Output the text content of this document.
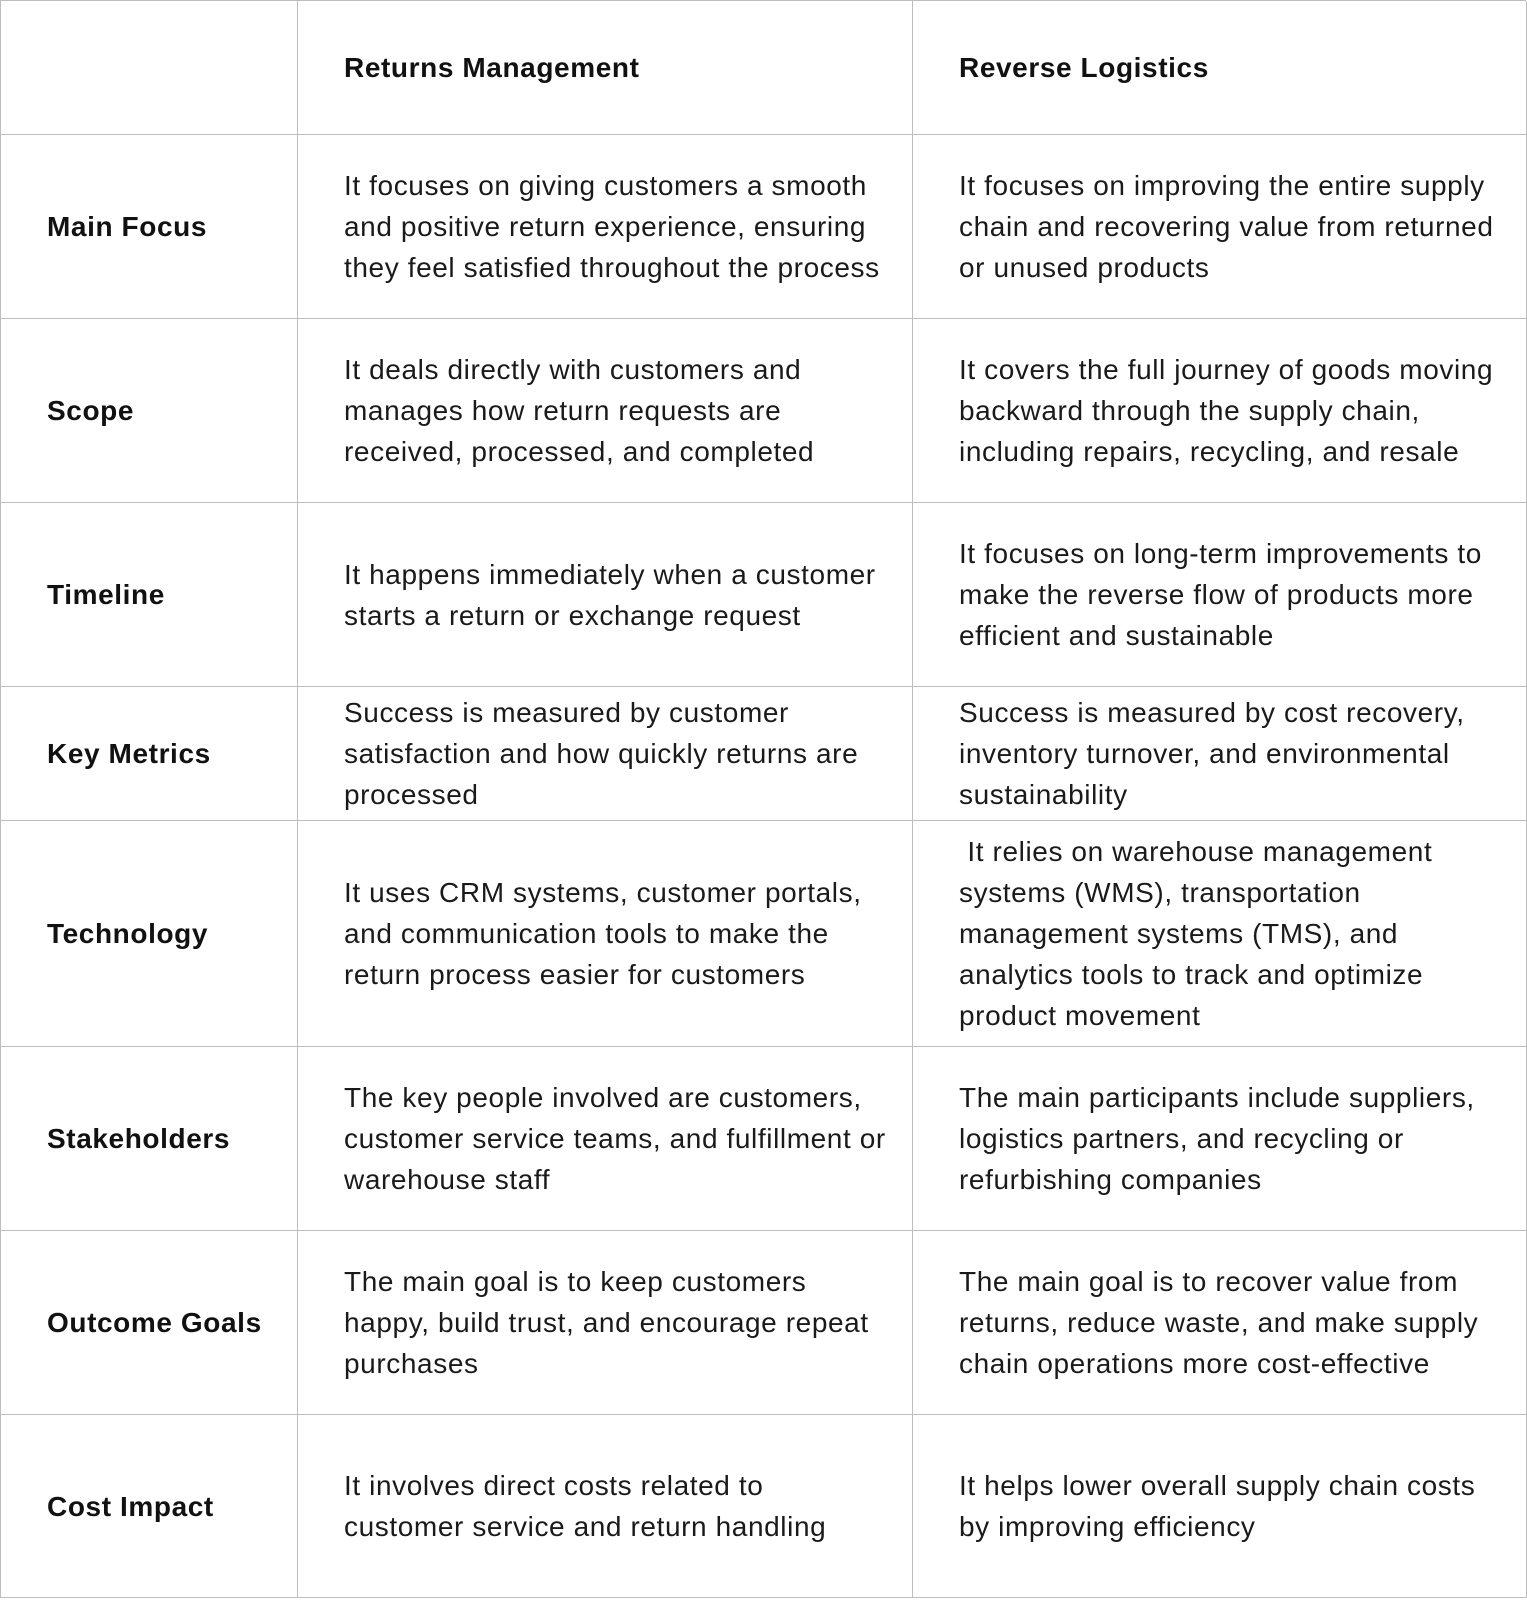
Returns Management	Reverse Logistics
Main Focus
It focuses on giving customers a smooth and positive return experience, ensuring they feel satisfied throughout the process
It focuses on improving the entire supply chain and recovering value from returned or unused products
Scope
It deals directly with customers and manages how return requests are received, processed, and completed
It covers the full journey of goods moving backward through the supply chain, including repairs, recycling, and resale
Timeline
It happens immediately when a customer starts a return or exchange request
It focuses on long-term improvements to make the reverse flow of products more efficient and sustainable
Key Metrics
Success is measured by customer satisfaction and how quickly returns are processed
Success is measured by cost recovery, inventory turnover, and environmental sustainability
Technology
It uses CRM systems, customer portals, and communication tools to make the return process easier for customers
It relies on warehouse management systems (WMS), transportation management systems (TMS), and analytics tools to track and optimize product movement
Stakeholders
The key people involved are customers, customer service teams, and fulfillment or warehouse staff
The main participants include suppliers, logistics partners, and recycling or refurbishing companies
Outcome Goals
The main goal is to keep customers happy, build trust, and encourage repeat purchases
The main goal is to recover value from returns, reduce waste, and make supply chain operations more cost-effective
Cost Impact
It involves direct costs related to customer service and return handling
It helps lower overall supply chain costs by improving efficiency
